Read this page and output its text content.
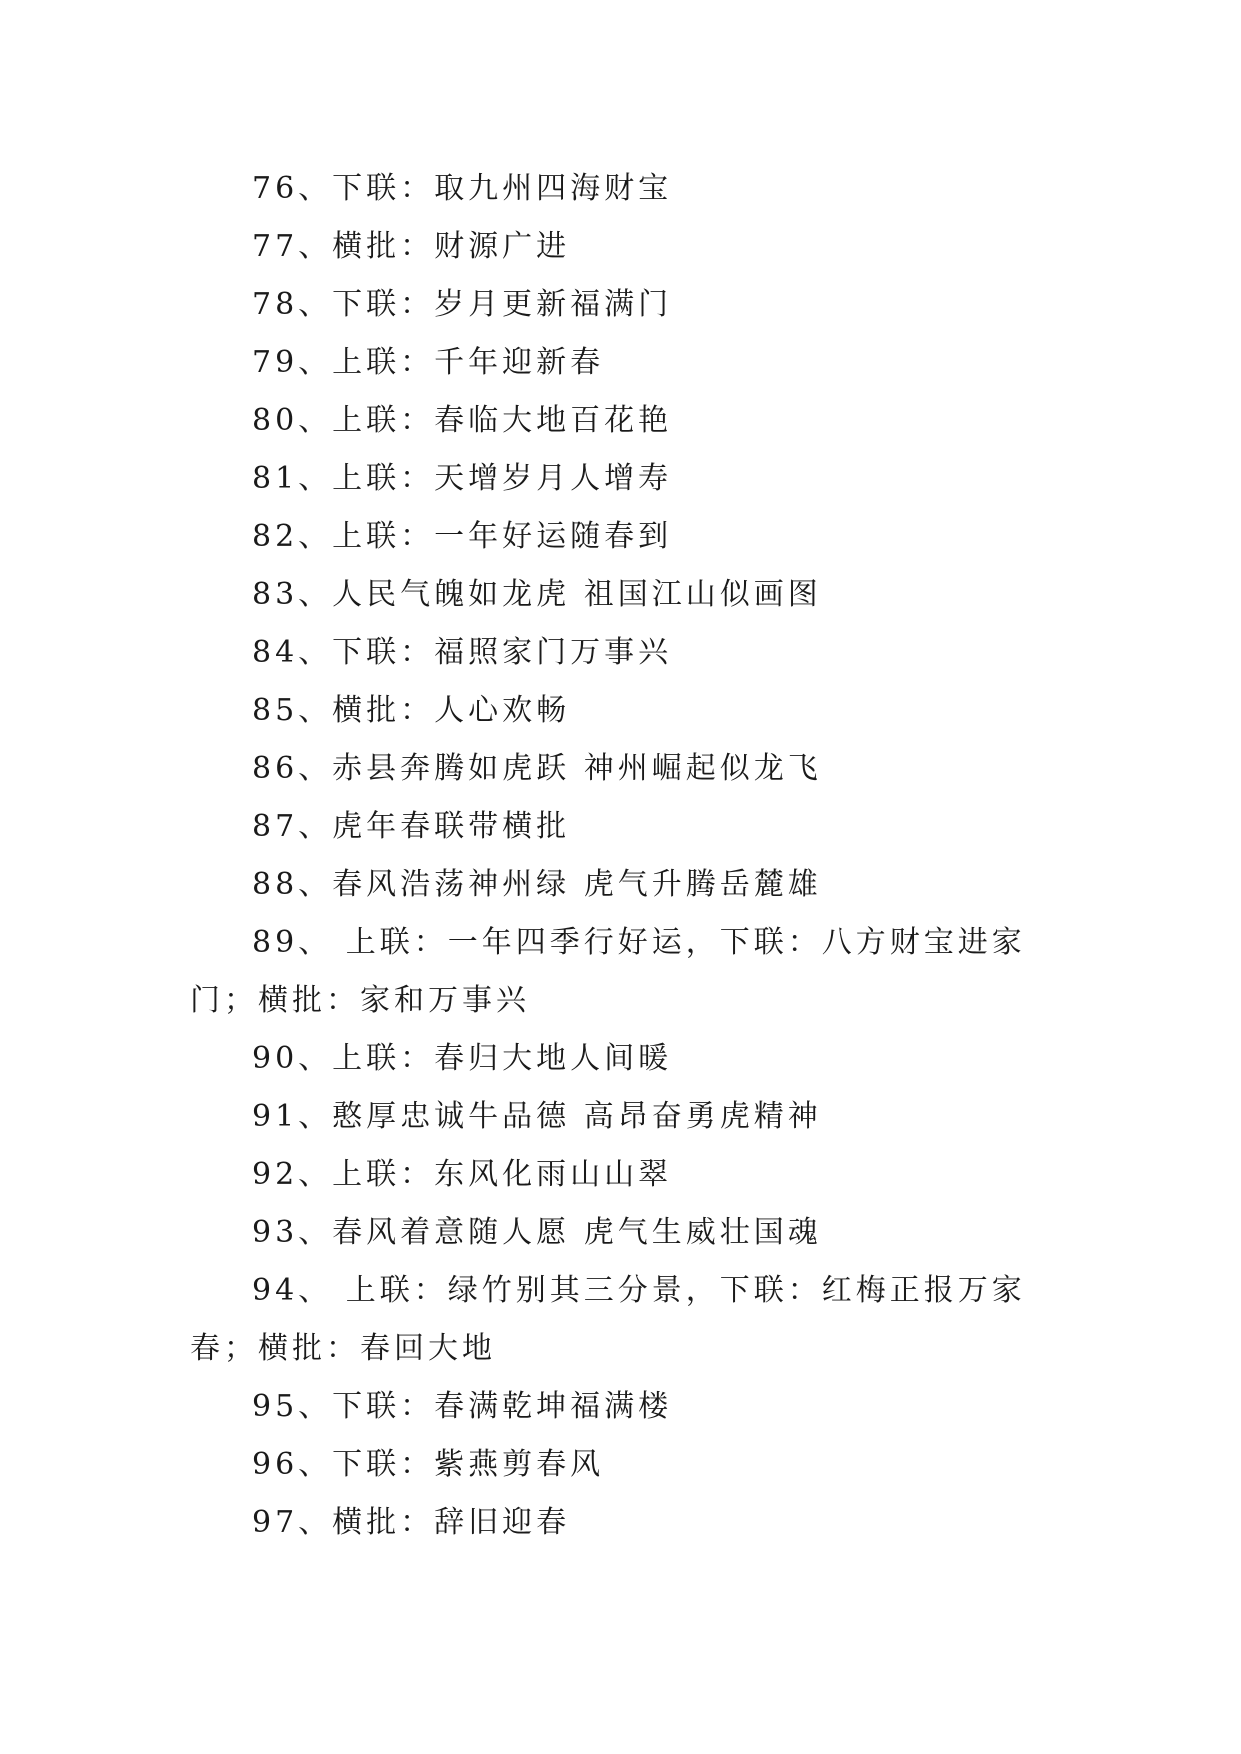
76、下联：取九州四海财宝
77、横批：财源广进
78、下联：岁月更新福满门
79、上联：千年迎新春
80、上联：春临大地百花艳
81、上联：天增岁月人增寿
82、上联：一年好运随春到
83、人民气魄如龙虎 祖国江山似画图
84、下联：福照家门万事兴
85、横批：人心欢畅
86、赤县奔腾如虎跃 神州崛起似龙飞
87、虎年春联带横批
88、春风浩荡神州绿 虎气升腾岳麓雄
89、 上联：一年四季行好运，下联：八方财宝进家门；横批：家和万事兴
90、上联：春归大地人间暖
91、憨厚忠诚牛品德 高昂奋勇虎精神
92、上联：东风化雨山山翠
93、春风着意随人愿 虎气生威壮国魂
94、 上联：绿竹别其三分景，下联：红梅正报万家春；横批：春回大地
95、下联：春满乾坤福满楼
96、下联：紫燕剪春风
97、横批：辞旧迎春
